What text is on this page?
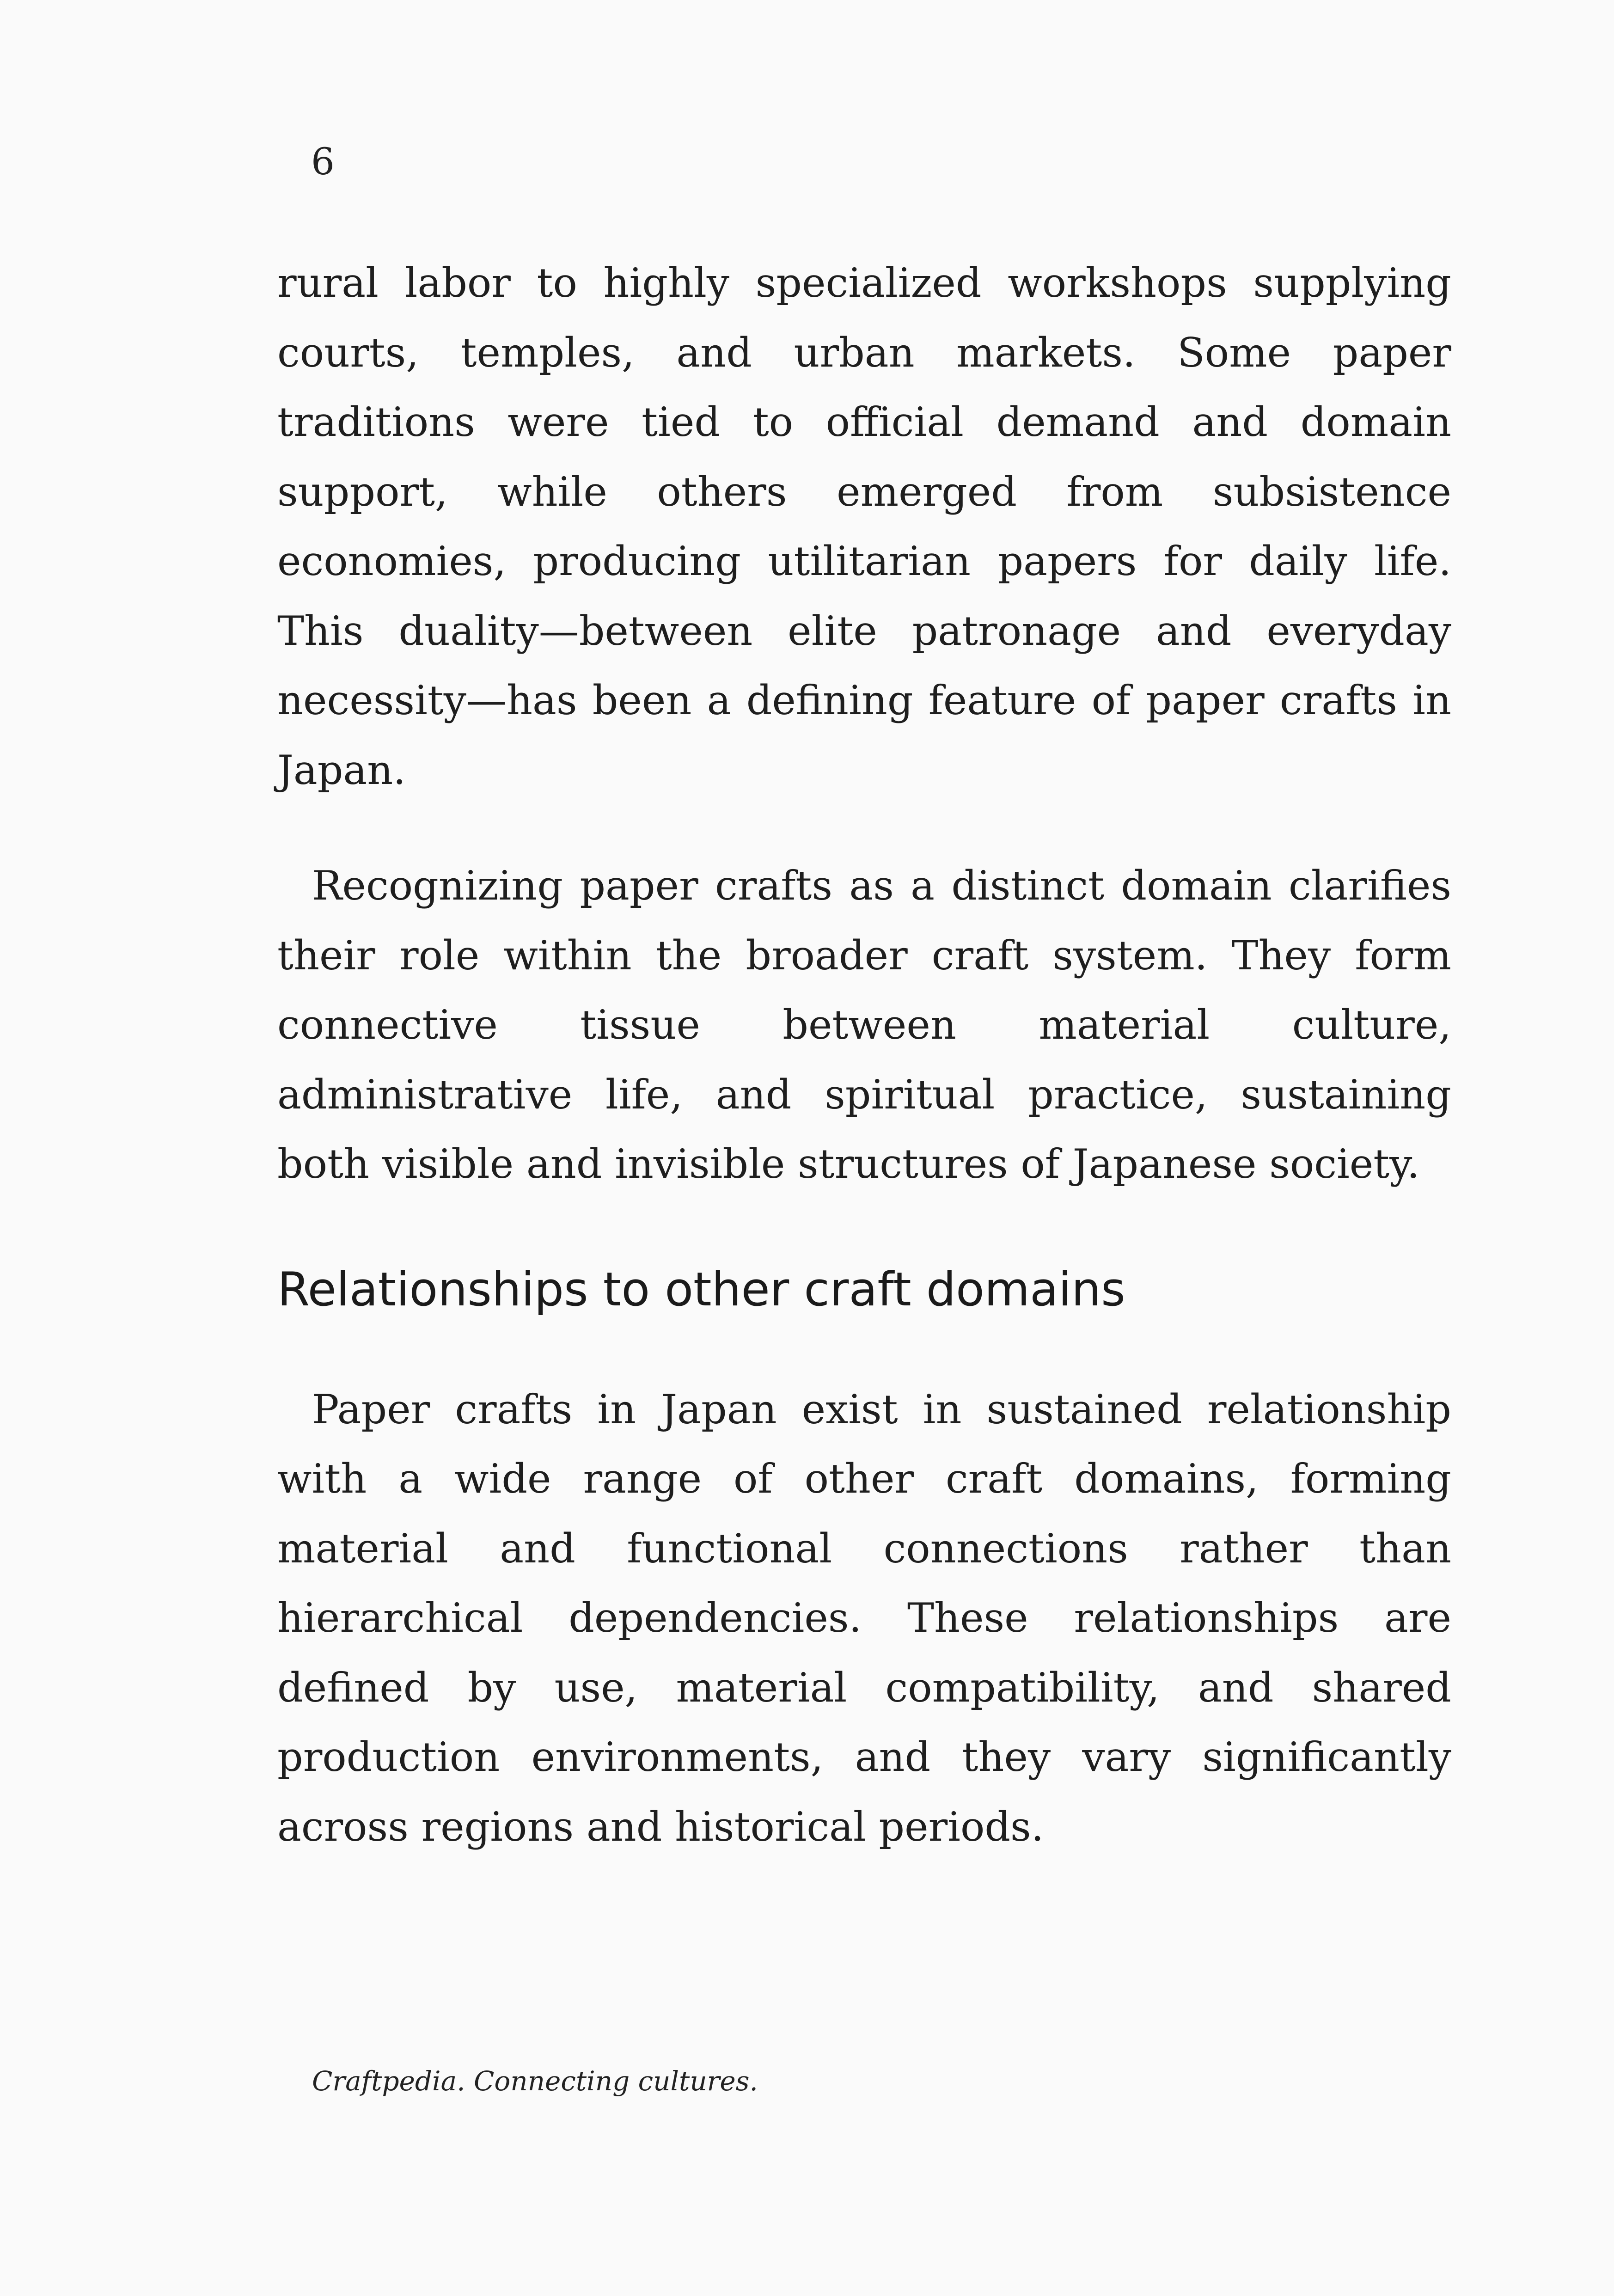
6

rural labor to highly specialized workshops supplying courts, temples, and urban markets. Some paper traditions were tied to official demand and domain support, while others emerged from subsistence economies, producing utilitarian papers for daily life. This duality—between elite patronage and everyday necessity—has been a defining feature of paper crafts in Japan.

Recognizing paper crafts as a distinct domain clarifies their role within the broader craft system. They form connective tissue between material culture, administrative life, and spiritual practice, sustaining both visible and invisible structures of Japanese society.

Relationships to other craft domains

Paper crafts in Japan exist in sustained relationship with a wide range of other craft domains, forming material and functional connections rather than hierarchical dependencies. These relationships are defined by use, material compatibility, and shared production environments, and they vary significantly across regions and historical periods.

Craftpedia. Connecting cultures.
